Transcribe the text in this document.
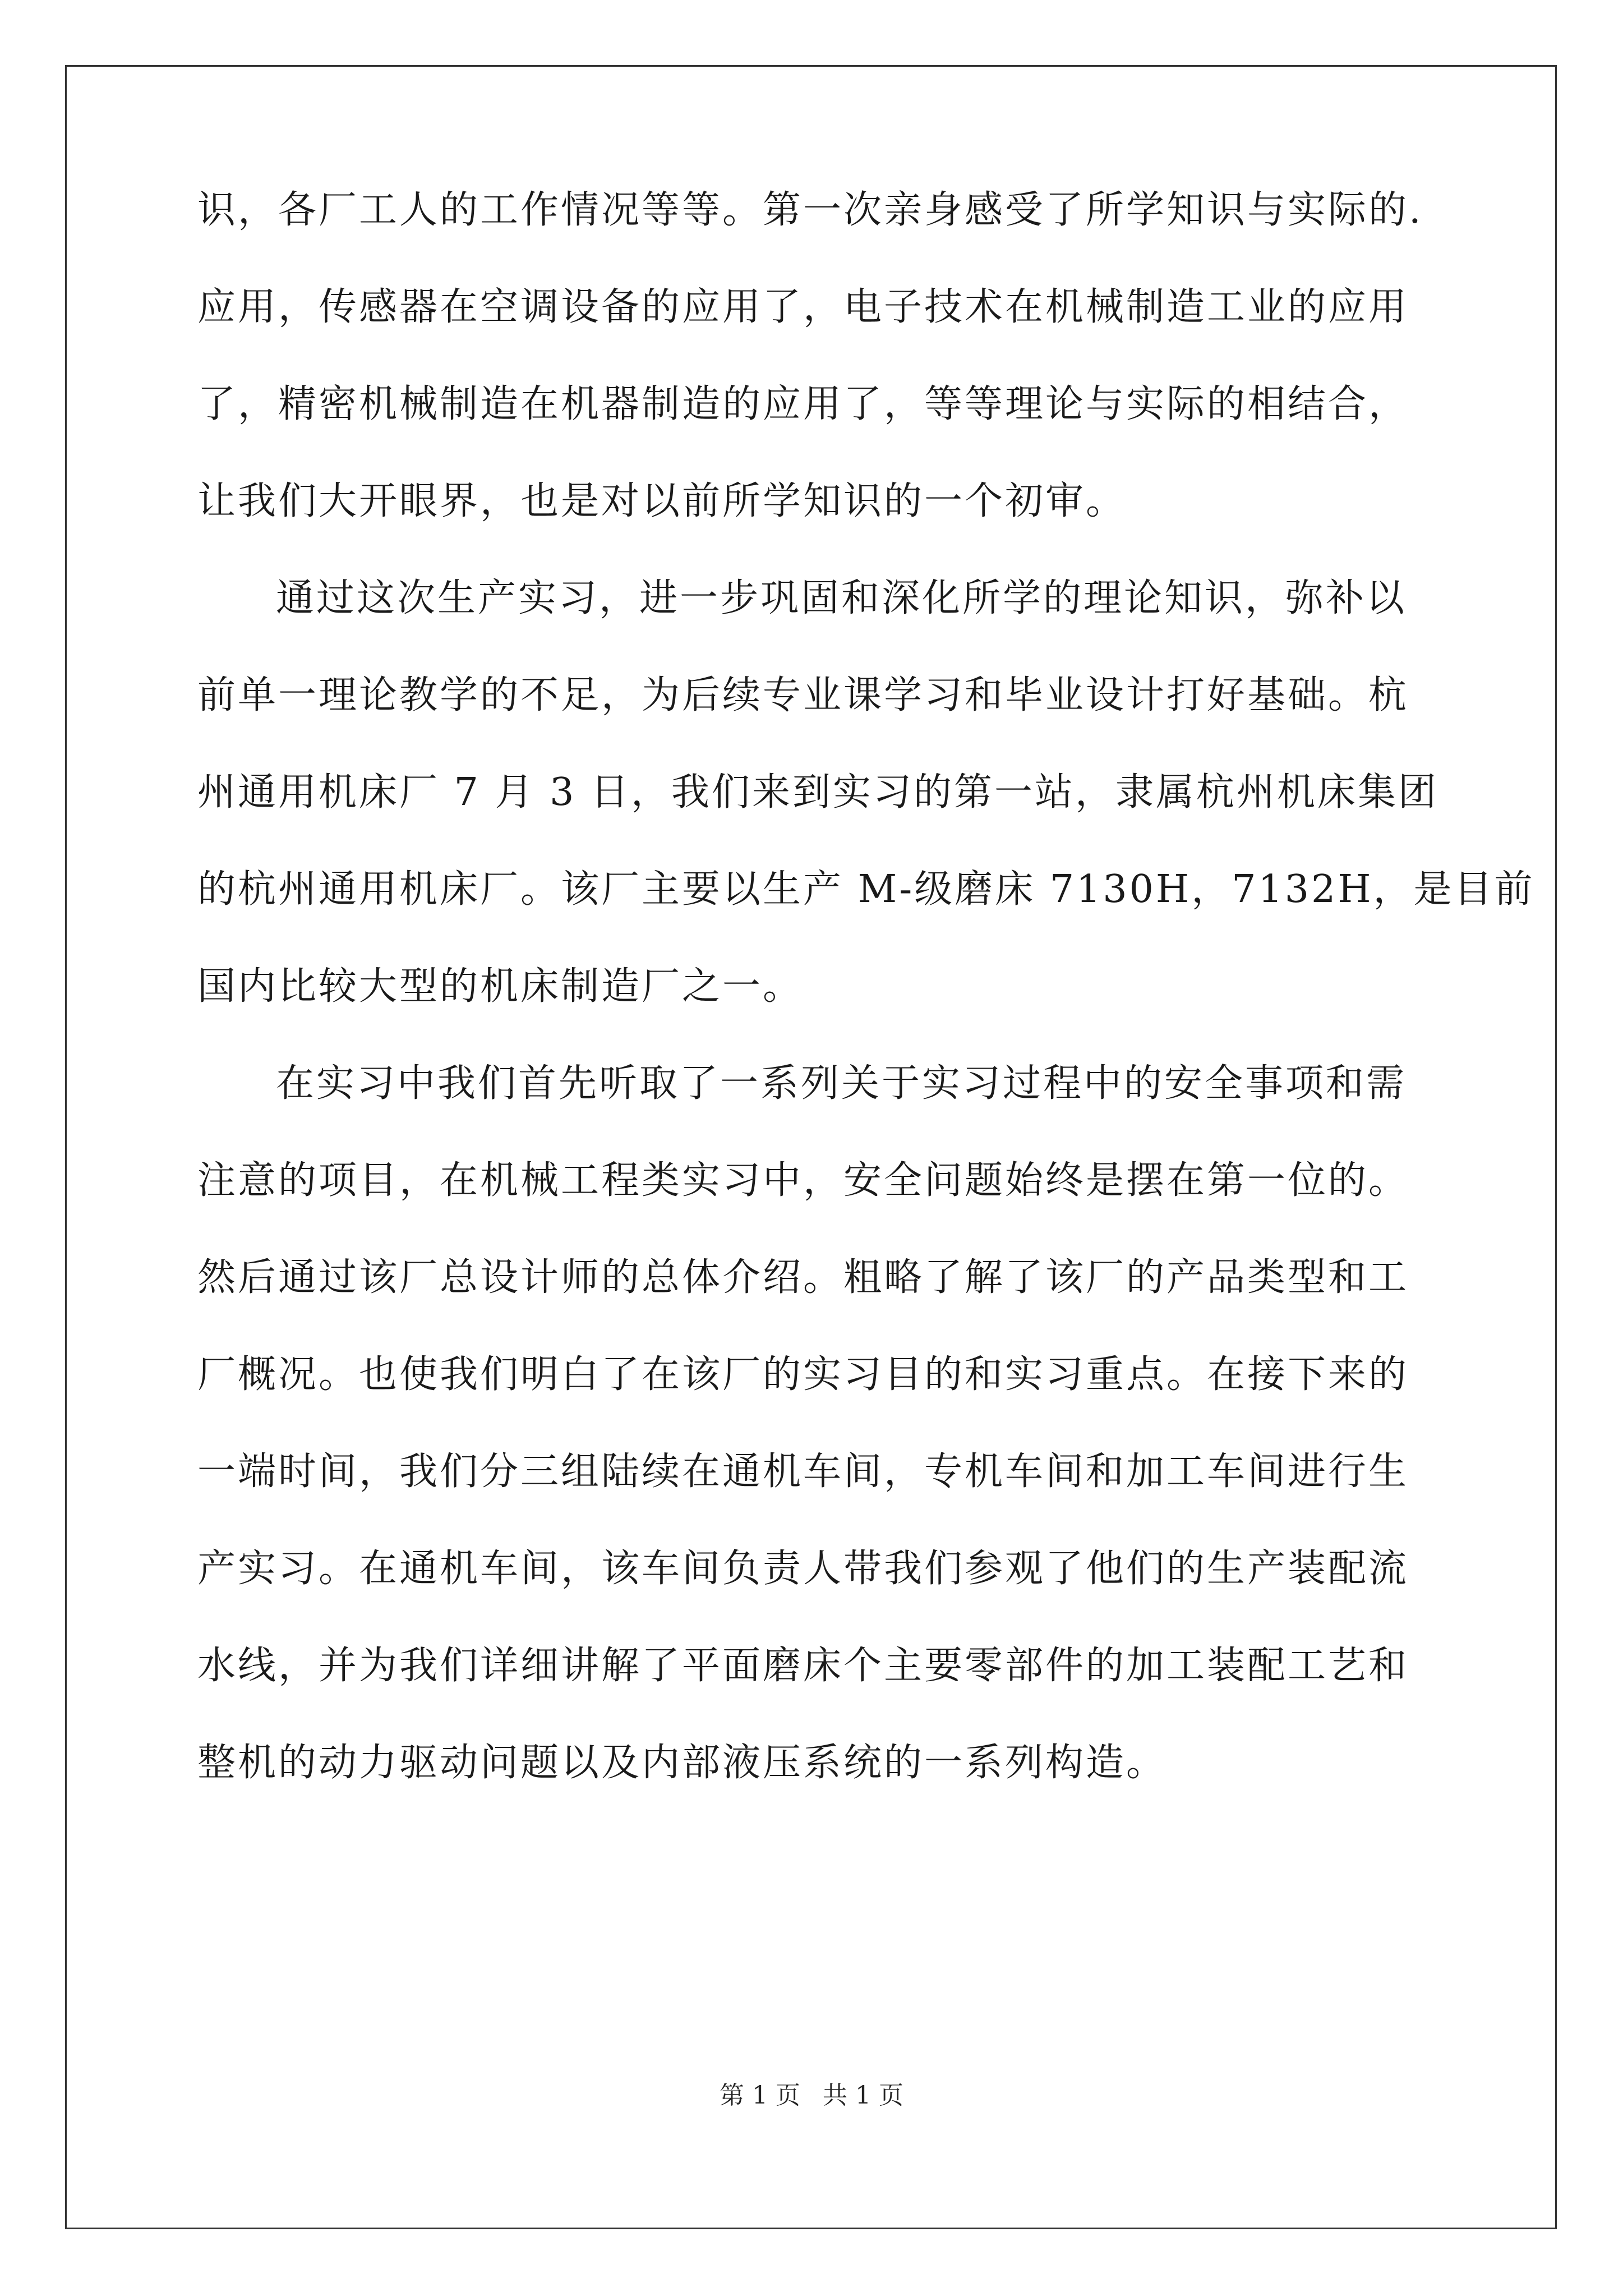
识，各厂工人的工作情况等等。第一次亲身感受了所学知识与实际的.
应用，传感器在空调设备的应用了，电子技术在机械制造工业的应用
了，精密机械制造在机器制造的应用了，等等理论与实际的相结合，
让我们大开眼界，也是对以前所学知识的一个初审。
通过这次生产实习，进一步巩固和深化所学的理论知识，弥补以
前单一理论教学的不足，为后续专业课学习和毕业设计打好基础。杭
州通用机床厂 7 月 3 日，我们来到实习的第一站，隶属杭州机床集团
的杭州通用机床厂。该厂主要以生产 M-级磨床 7130H，7132H，是目前
国内比较大型的机床制造厂之一。
在实习中我们首先听取了一系列关于实习过程中的安全事项和需
注意的项目，在机械工程类实习中，安全问题始终是摆在第一位的。
然后通过该厂总设计师的总体介绍。粗略了解了该厂的产品类型和工
厂概况。也使我们明白了在该厂的实习目的和实习重点。在接下来的
一端时间，我们分三组陆续在通机车间，专机车间和加工车间进行生
产实习。在通机车间，该车间负责人带我们参观了他们的生产装配流
水线，并为我们详细讲解了平面磨床个主要零部件的加工装配工艺和
整机的动力驱动问题以及内部液压系统的一系列构造。
第 1 页 共 1 页
